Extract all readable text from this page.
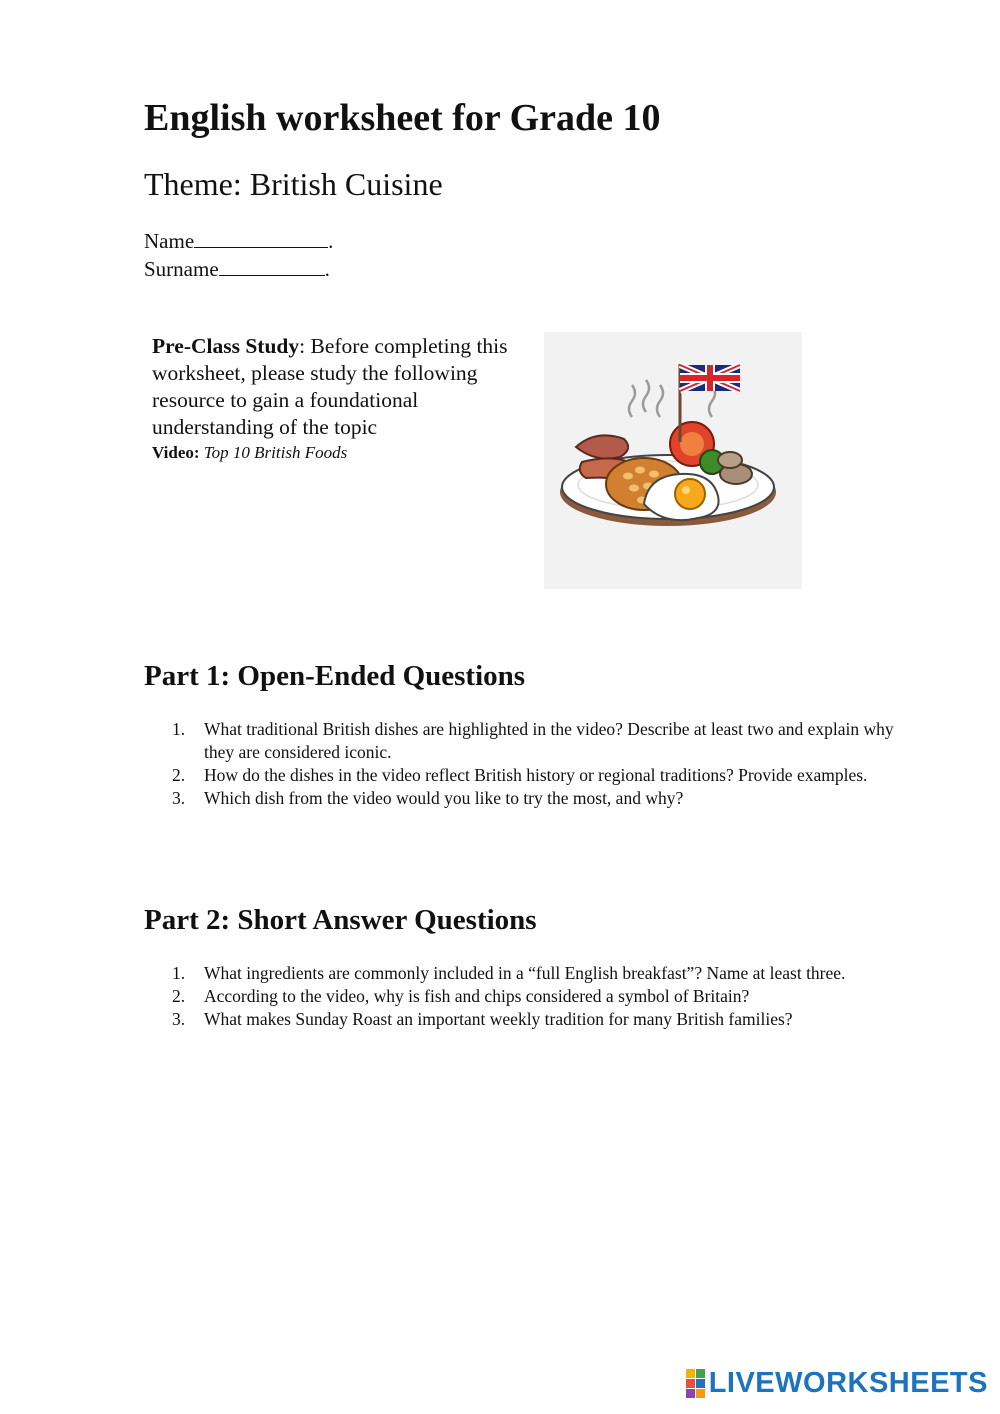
English worksheet for Grade 10
Theme: British Cuisine
Name	.
Surname	.
Pre-Class Study: Before completing this worksheet, please study the following resource to gain a foundational understanding of the topic
Video: Top 10 British Foods
Part 1: Open-Ended Questions
1. What traditional British dishes are highlighted in the video? Describe at least two and explain why they are considered iconic.
2. How do the dishes in the video reflect British history or regional traditions? Provide examples.
3. Which dish from the video would you like to try the most, and why?
Part 2: Short Answer Questions
1. What ingredients are commonly included in a “full English breakfast”? Name at least three.
2. According to the video, why is fish and chips considered a symbol of Britain?
3. What makes Sunday Roast an important weekly tradition for many British families?
LIVEWORKSHEETS
